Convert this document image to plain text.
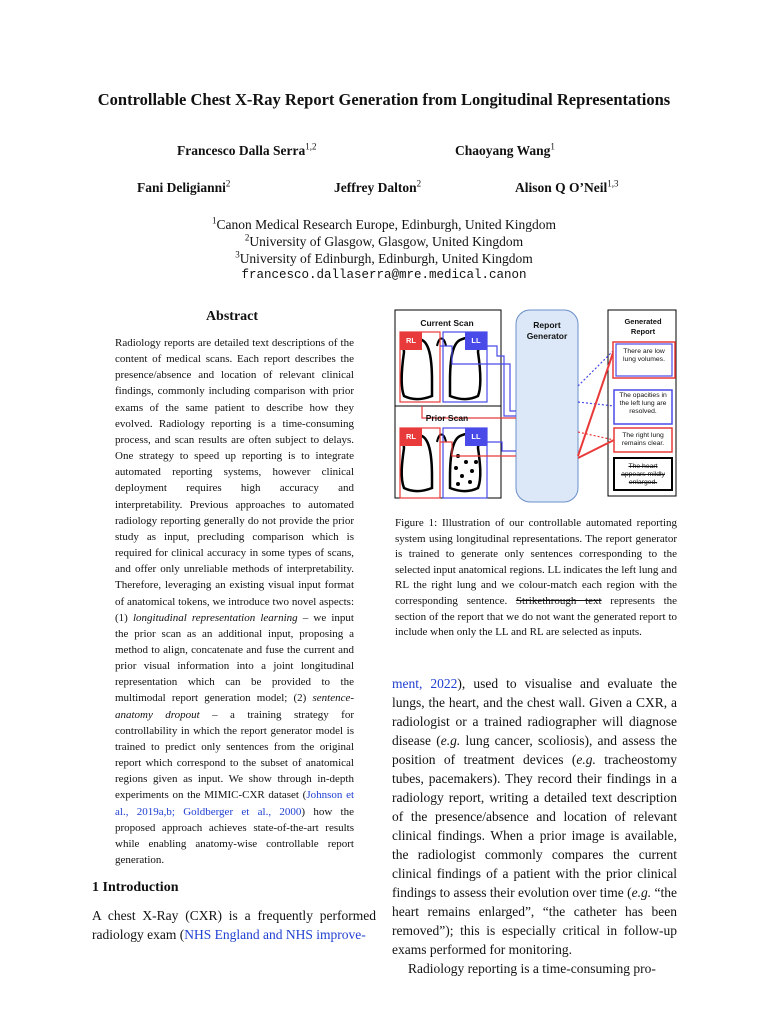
Controllable Chest X-Ray Report Generation from Longitudinal Representations
Francesco Dalla Serra$^{1,2}$	Chaoyang Wang$^1$
Fani Deligianni$^2$	Jeffrey Dalton$^2$	Alison Q O’Neil$^{1,3}$
$^1$Canon Medical Research Europe, Edinburgh, United Kingdom
$^2$University of Glasgow, Glasgow, United Kingdom
$^3$University of Edinburgh, Edinburgh, United Kingdom
francesco.dallaserra@mre.medical.canon
Abstract
Radiology reports are detailed text descriptions of the content of medical scans. Each report describes the presence/absence and location of relevant clinical findings, commonly including comparison with prior exams of the same patient to describe how they evolved. Radiology reporting is a time-consuming process, and scan results are often subject to delays. One strategy to speed up reporting is to integrate automated reporting systems, however clinical deployment requires high accuracy and interpretability. Previous approaches to automated radiology reporting generally do not provide the prior study as input, precluding comparison which is required for clinical accuracy in some types of scans, and offer only unreliable methods of interpretability. Therefore, leveraging an existing visual input format of anatomical tokens, we introduce two novel aspects: (1) longitudinal representation learning – we input the prior scan as an additional input, proposing a method to align, concatenate and fuse the current and prior visual information into a joint longitudinal representation which can be provided to the multimodal report generation model; (2) sentence-anatomy dropout – a training strategy for controllability in which the report generator model is trained to predict only sentences from the original report which correspond to the subset of anatomical regions given as input. We show through in-depth experiments on the MIMIC-CXR dataset (Johnson et al., 2019a,b; Goldberger et al., 2000) how the proposed approach achieves state-of-the-art results while enabling anatomy-wise controllable report generation.
1 Introduction
A chest X-Ray (CXR) is a frequently performed radiology exam (NHS England and NHS improve-
ment, 2022), used to visualise and evaluate the lungs, the heart, and the chest wall. Given a CXR, a radiologist or a trained radiographer will diagnose disease (e.g. lung cancer, scoliosis), and assess the position of treatment devices (e.g. tracheostomy tubes, pacemakers). They record their findings in a radiology report, writing a detailed text description of the presence/absence and location of relevant clinical findings. When a prior image is available, the radiologist commonly compares the current clinical findings of a patient with the prior clinical findings to assess their evolution over time (e.g. “the heart remains enlarged”, “the catheter has been removed”); this is especially critical in follow-up exams performed for monitoring.
Radiology reporting is a time-consuming pro-
Current Scan
Prior Scan
Report Generator
Generated Report
RL	LL
RL	LL
There are low lung volumes.
The opacities in the left lung are resolved.
The right lung remains clear.
The heart appears mildly enlarged.
Figure 1: Illustration of our controllable automated reporting system using longitudinal representations. The report generator is trained to generate only sentences corresponding to the selected input anatomical regions. LL indicates the left lung and RL the right lung and we colour-match each region with the corresponding sentence. Strikethrough text represents the section of the report that we do not want the generated report to include when only the LL and RL are selected as inputs.
